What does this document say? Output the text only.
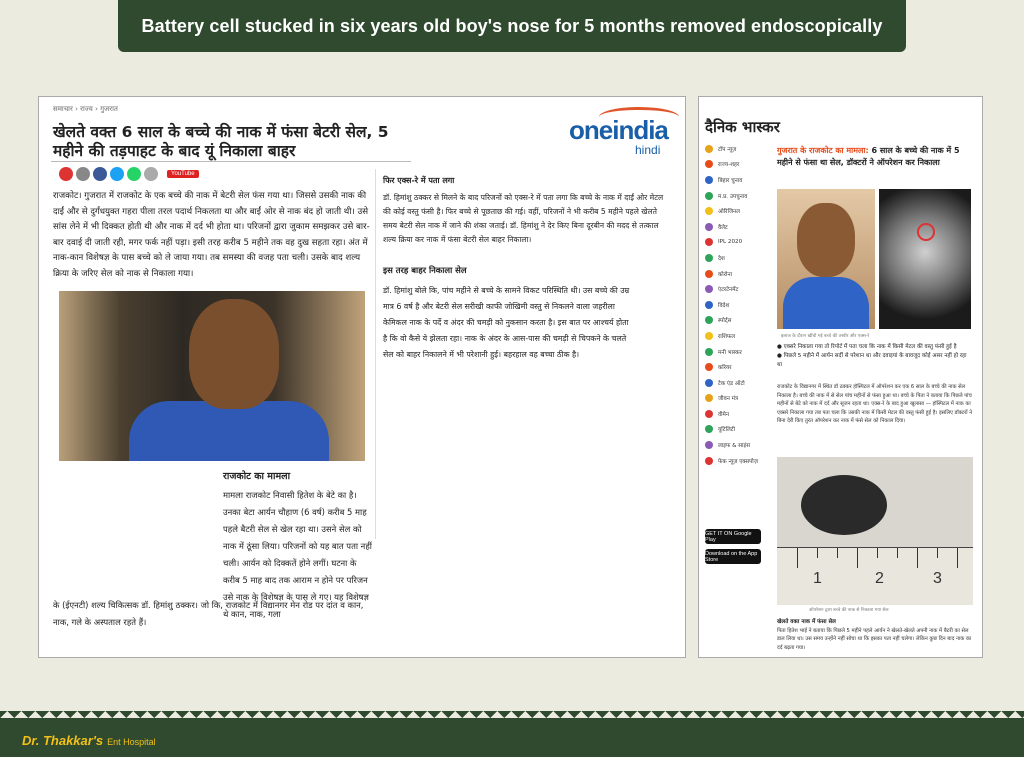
Battery cell stucked in six years old boy's nose for 5 months removed endoscopically
समाचार › राज्य › गुजरात
oneindia
hindi
खेलते वक्त 6 साल के बच्चे की नाक में फंसा बेटरी सेल, 5 महीने की तड़पाहट के बाद यूं निकाला बाहर
YouTube
राजकोट। गुजरात में राजकोट के एक बच्चे की नाक में बेटरी सेल फंस गया था। जिससे उसकी नाक की दाईं और से दुर्गंधयुक्त गहरा पीला तरल पदार्थ निकलता था और बाईं ओर से नाक बंद हो जाती थी। उसे सांस लेने में भी दिक्कत होती थी और नाक में दर्द भी होता था। परिजनों द्वारा जुकाम समझकर उसे बार-बार दवाई दी जाती रही, मगर फर्क नहीं पड़ा। इसी तरह करीब 5 महीने तक वह दुख सहता रहा। अंत में नाक-कान विशेषज्ञ के पास बच्चे को ले जाया गया। तब समस्या की वजह पता चली। उसके बाद शल्य क्रिया के जरिए सेल को नाक से निकाला गया।
राजकोट का मामला
मामला राजकोट निवासी हितेश के बेटे का है। उनका बेटा आर्यन चौहाण (6 वर्ष) करीब 5 माह पहले बैटरी सेल से खेल रहा था। उसने सेल को नाक में ठूंसा लिया। परिजनों को यह बात पता नहीं चली। आर्यन को दिक्कतें होने लगीं। घटना के करीब 5 माह बाद तक आराम न होने पर परिजन उसे नाक के विशेषज्ञ के पास ले गए। यह विशेषज्ञ थे कान, नाक, गला
के (ईएनटी) शल्य चिकित्सक डॉ. हिमांशु ठक्कर। जो कि, राजकोट में विद्यानगर मेन रोड पर दांत व कान, नाक, गले के अस्पताल रहते हैं।
फिर एक्स-रे में पता लगा
डॉ. हिमांशु ठक्कर से मिलने के बाद परिजनों को एक्स-रे में पता लगा कि बच्चे के नाक में दाईं ओर मेटल की कोई वस्तु फंसी है। फिर बच्चे से पूछताछ की गई। वहीं, परिजनों ने भी करीब 5 महीने पहले खेलते समय बेटरी सेल नाक में जाने की शंका जताई। डॉ. हिमांशु ने देर किए बिना दूरबीन की मदद से तत्काल शल्य क्रिया कर नाक में फंसा बेटरी सेल बाहर निकाला।
इस तरह बाहर निकाला सेल
डॉ. हिमांशु बोले कि, पांच महीने से बच्चे के सामने विकट परिस्थिति थी। उस बच्चे की उम्र मात्र 6 वर्ष है और बेटरी सेल सरीखी काफी जोखिमी वस्तु से निकलने वाला जहरीला केमिकल नाक के पर्दे व अंदर की चमड़ी को नुकसान करता है। इस बात पर आश्चर्य होता है कि वो कैसे ये झेलता रहा। नाक के अंदर के आस-पास की चमड़ी से चिपकने के चलते सेल को बाहर निकालने में भी परेशानी हुई। बहरहाल वह बच्चा ठीक है।
दैनिक भास्कर
टॉप न्यूज़
राज्य-शहर
बिहार चुनाव
म.प्र. उपचुनाव
ओरिजिनल
वैलेट
IPL 2020
देश
कोरोना
एंटरटेनमेंट
विदेश
स्पोर्ट्स
राशिफल
मनी भास्कर
करियर
टेक एंड ऑटो
जीवन मंत्र
वीमेन
यूटिलिटी
लाइफ & साइंस
फेक न्यूज़ एक्सपोज़
GET IT ON Google Play
Download on the App Store
गुजरात के राजकोट का मामला: 6 साल के बच्चे की नाक में 5 महीने से फंसा था सेल, डॉक्टरों ने ऑपरेशन कर निकाला
इलाज के दौरान खींची गई बच्चे की तस्वीर और एक्स-रे
● एक्सरे निकाला गया तो रिपोर्ट में पता चला कि नाक में किसी मेटल की वस्तु फंसी हुई है
● पिछले 5 महीने में आर्यन सर्दी से परेशान था और दवाइयां के बावजूद कोई असर नहीं हो रहा था
राजकोट के विद्यानगर में स्थित डॉ ठक्कर हॉस्पिटल में ऑपरेशन कर एक 6 साल के बच्चे की नाक सेल निकाला है। बच्चे की नाक में से सेल पांच महीनों से फंसा हुआ था। बच्चे के पिता ने बताया कि पिछले पांच महीनों से बेटे को नाक में दर्द और सूजन रहता था। एक्स-रे के बाद हुआ खुलासा — हॉस्पिटल में नाक का एक्सरे निकाला गया तब पता चला कि उसकी नाक में किसी मेटल की वस्तु फंसी हुई है। इसलिए डॉक्टरों ने बिना देरी किए तुरंत ऑपरेशन कर नाक में फंसे सेल को निकाल दिया।
1	2	3
ऑपरेशन द्वारा बच्चे की नाक से निकाला गया सेल
खेलते वक्त नाक में फंसा सेल
पिता हितेश भाई ने बताया कि पिछले 5 महीने पहले आर्यन ने खेलते-खेलते अपनी नाक में बैटरी का सेल डाल लिया था। उस समय उन्होंने नहीं सोचा था कि इसका पता नहीं चलेगा। लेकिन कुछ दिन बाद नाक का दर्द बढ़ता गया।
Dr. Thakkar's Ent Hospital
